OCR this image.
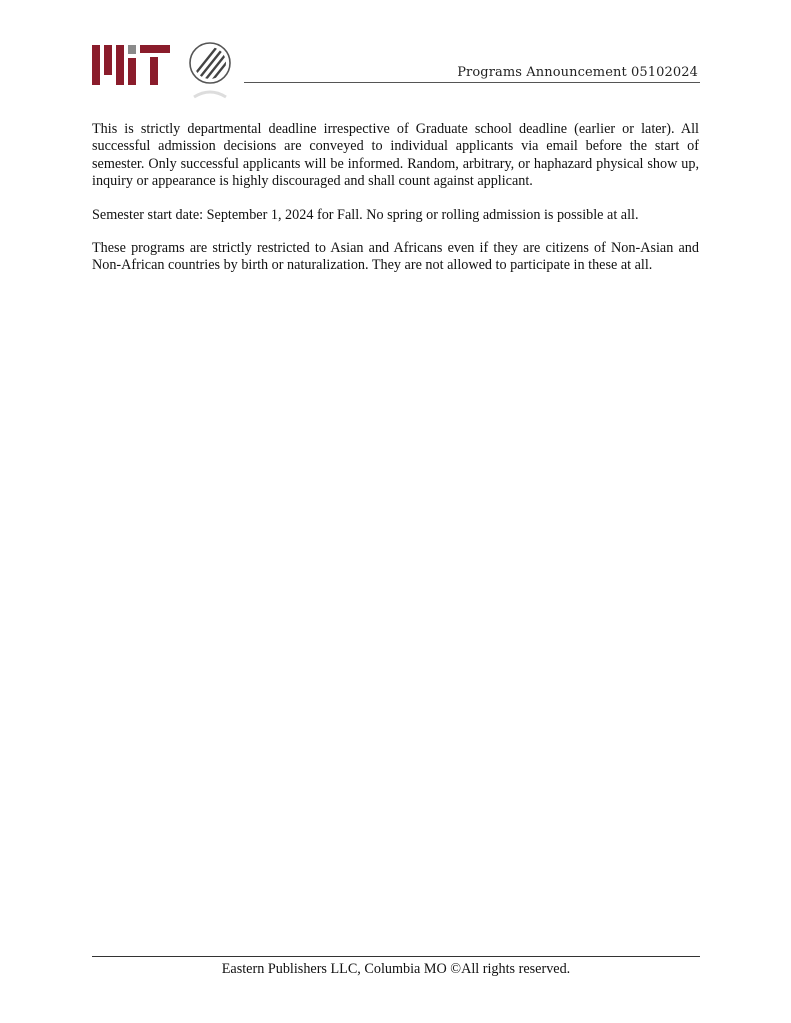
Programs Announcement 05102024

This is strictly departmental deadline irrespective of Graduate school deadline (earlier or later). All successful admission decisions are conveyed to individual applicants via email before the start of semester. Only successful applicants will be informed. Random, arbitrary, or haphazard physical show up, inquiry or appearance is highly discouraged and shall count against applicant.

Semester start date: September 1, 2024 for Fall. No spring or rolling admission is possible at all.

These programs are strictly restricted to Asian and Africans even if they are citizens of Non-Asian and Non-African countries by birth or naturalization. They are not allowed to participate in these at all.

Eastern Publishers LLC, Columbia MO ©All rights reserved.
